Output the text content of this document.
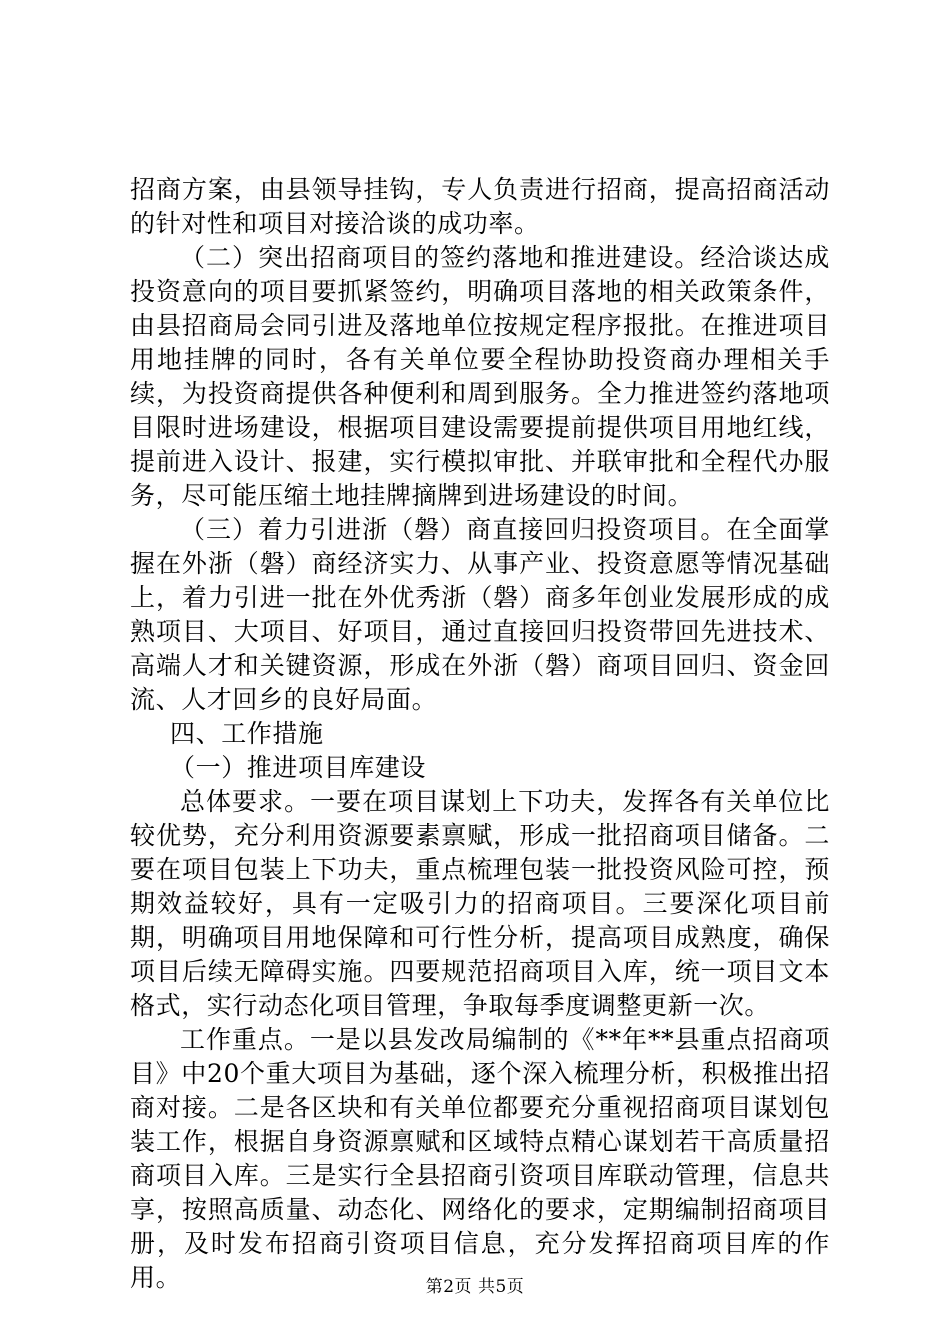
招商方案，由县领导挂钩，专人负责进行招商，提高招商活动的针对性和项目对接洽谈的成功率。

（二）突出招商项目的签约落地和推进建设。经洽谈达成投资意向的项目要抓紧签约，明确项目落地的相关政策条件，由县招商局会同引进及落地单位按规定程序报批。在推进项目用地挂牌的同时，各有关单位要全程协助投资商办理相关手续，为投资商提供各种便利和周到服务。全力推进签约落地项目限时进场建设，根据项目建设需要提前提供项目用地红线，提前进入设计、报建，实行模拟审批、并联审批和全程代办服务，尽可能压缩土地挂牌摘牌到进场建设的时间。

（三）着力引进浙（磐）商直接回归投资项目。在全面掌握在外浙（磐）商经济实力、从事产业、投资意愿等情况基础上，着力引进一批在外优秀浙（磐）商多年创业发展形成的成熟项目、大项目、好项目，通过直接回归投资带回先进技术、高端人才和关键资源，形成在外浙（磐）商项目回归、资金回流、人才回乡的良好局面。

四、工作措施

（一）推进项目库建设

总体要求。一要在项目谋划上下功夫，发挥各有关单位比较优势，充分利用资源要素禀赋，形成一批招商项目储备。二要在项目包装上下功夫，重点梳理包装一批投资风险可控，预期效益较好，具有一定吸引力的招商项目。三要深化项目前期，明确项目用地保障和可行性分析，提高项目成熟度，确保项目后续无障碍实施。四要规范招商项目入库，统一项目文本格式，实行动态化项目管理，争取每季度调整更新一次。

工作重点。一是以县发改局编制的《**年**县重点招商项目》中20个重大项目为基础，逐个深入梳理分析，积极推出招商对接。二是各区块和有关单位都要充分重视招商项目谋划包装工作，根据自身资源禀赋和区域特点精心谋划若干高质量招商项目入库。三是实行全县招商引资项目库联动管理，信息共享，按照高质量、动态化、网络化的要求，定期编制招商项目册，及时发布招商引资项目信息，充分发挥招商项目库的作用。	第2页 共5页
